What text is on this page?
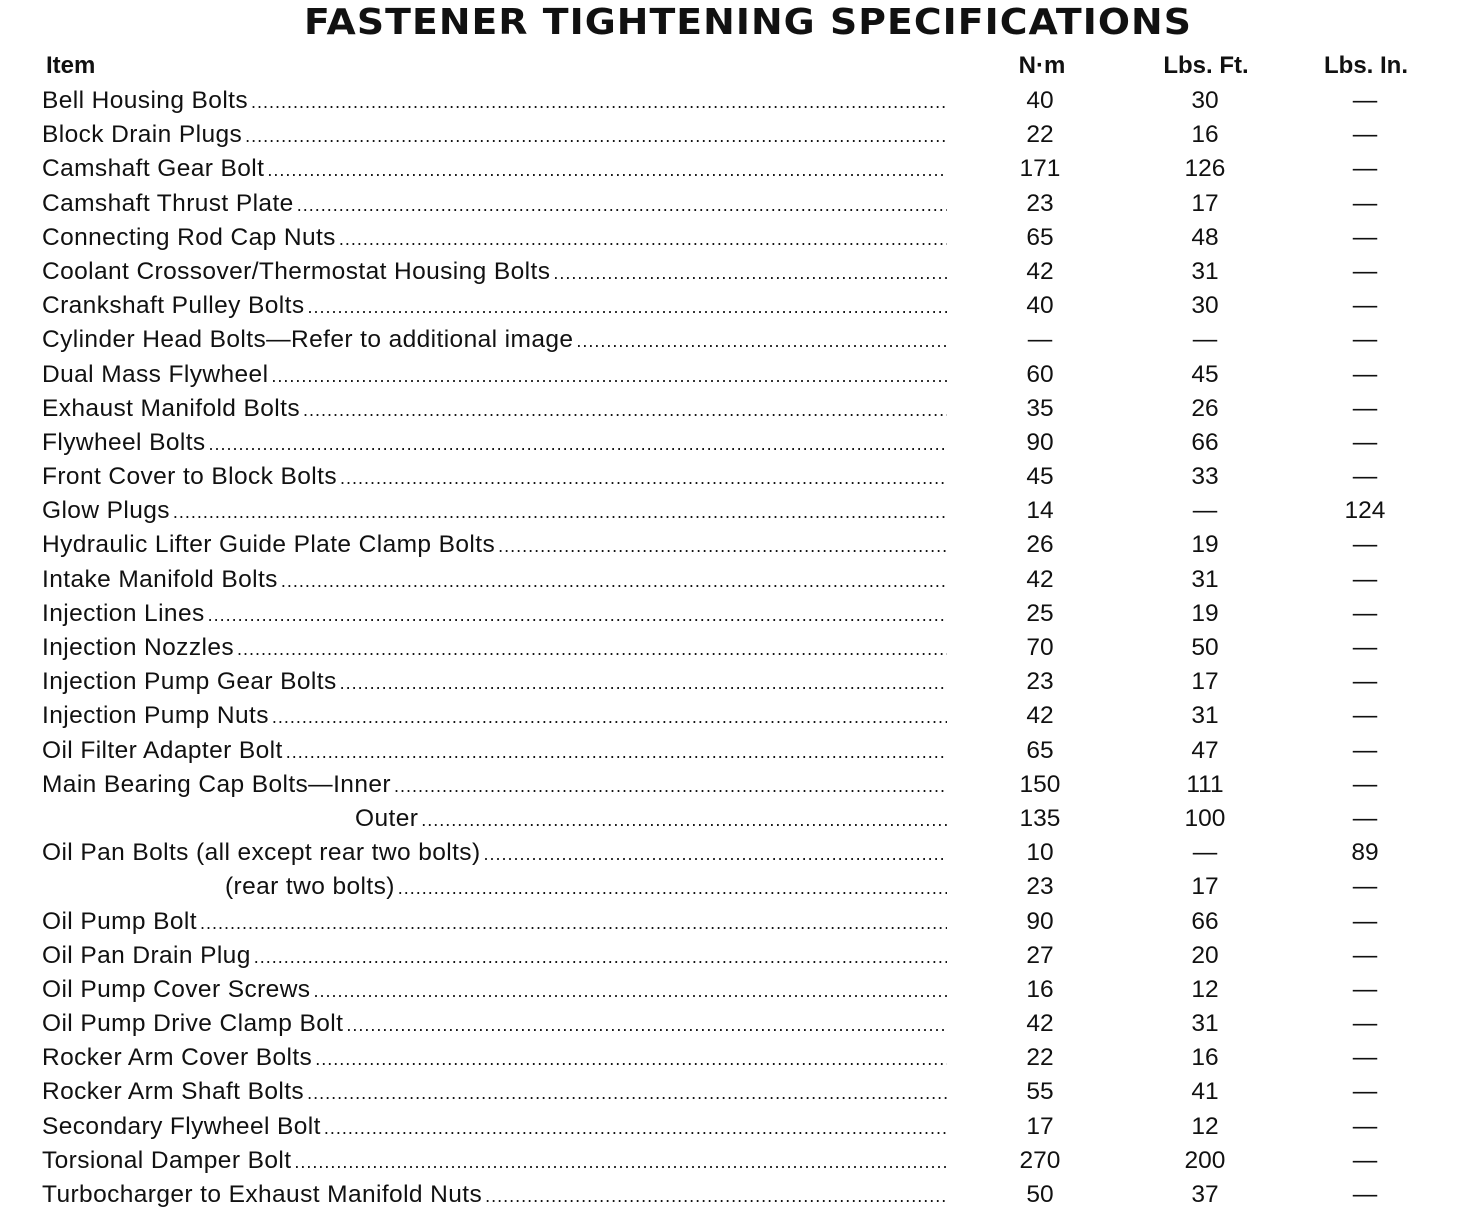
FASTENER TIGHTENING SPECIFICATIONS
Item	N·m	Lbs. Ft.	Lbs. In.
Bell Housing Bolts .....	40	30	—
Block Drain Plugs .....	22	16	—
Camshaft Gear Bolt .....	171	126	—
Camshaft Thrust Plate .....	23	17	—
Connecting Rod Cap Nuts .....	65	48	—
Coolant Crossover/Thermostat Housing Bolts .....	42	31	—
Crankshaft Pulley Bolts .....	40	30	—
Cylinder Head Bolts—Refer to additional image .....	—	—	—
Dual Mass Flywheel .....	60	45	—
Exhaust Manifold Bolts .....	35	26	—
Flywheel Bolts .....	90	66	—
Front Cover to Block Bolts .....	45	33	—
Glow Plugs .....	14	—	124
Hydraulic Lifter Guide Plate Clamp Bolts .....	26	19	—
Intake Manifold Bolts .....	42	31	—
Injection Lines .....	25	19	—
Injection Nozzles .....	70	50	—
Injection Pump Gear Bolts .....	23	17	—
Injection Pump Nuts .....	42	31	—
Oil Filter Adapter Bolt .....	65	47	—
Main Bearing Cap Bolts—Inner .....	150	111	—
Outer .....	135	100	—
Oil Pan Bolts (all except rear two bolts) .....	10	—	89
(rear two bolts) .....	23	17	—
Oil Pump Bolt .....	90	66	—
Oil Pan Drain Plug .....	27	20	—
Oil Pump Cover Screws .....	16	12	—
Oil Pump Drive Clamp Bolt .....	42	31	—
Rocker Arm Cover Bolts .....	22	16	—
Rocker Arm Shaft Bolts .....	55	41	—
Secondary Flywheel Bolt .....	17	12	—
Torsional Damper Bolt .....	270	200	—
Turbocharger to Exhaust Manifold Nuts .....	50	37	—
